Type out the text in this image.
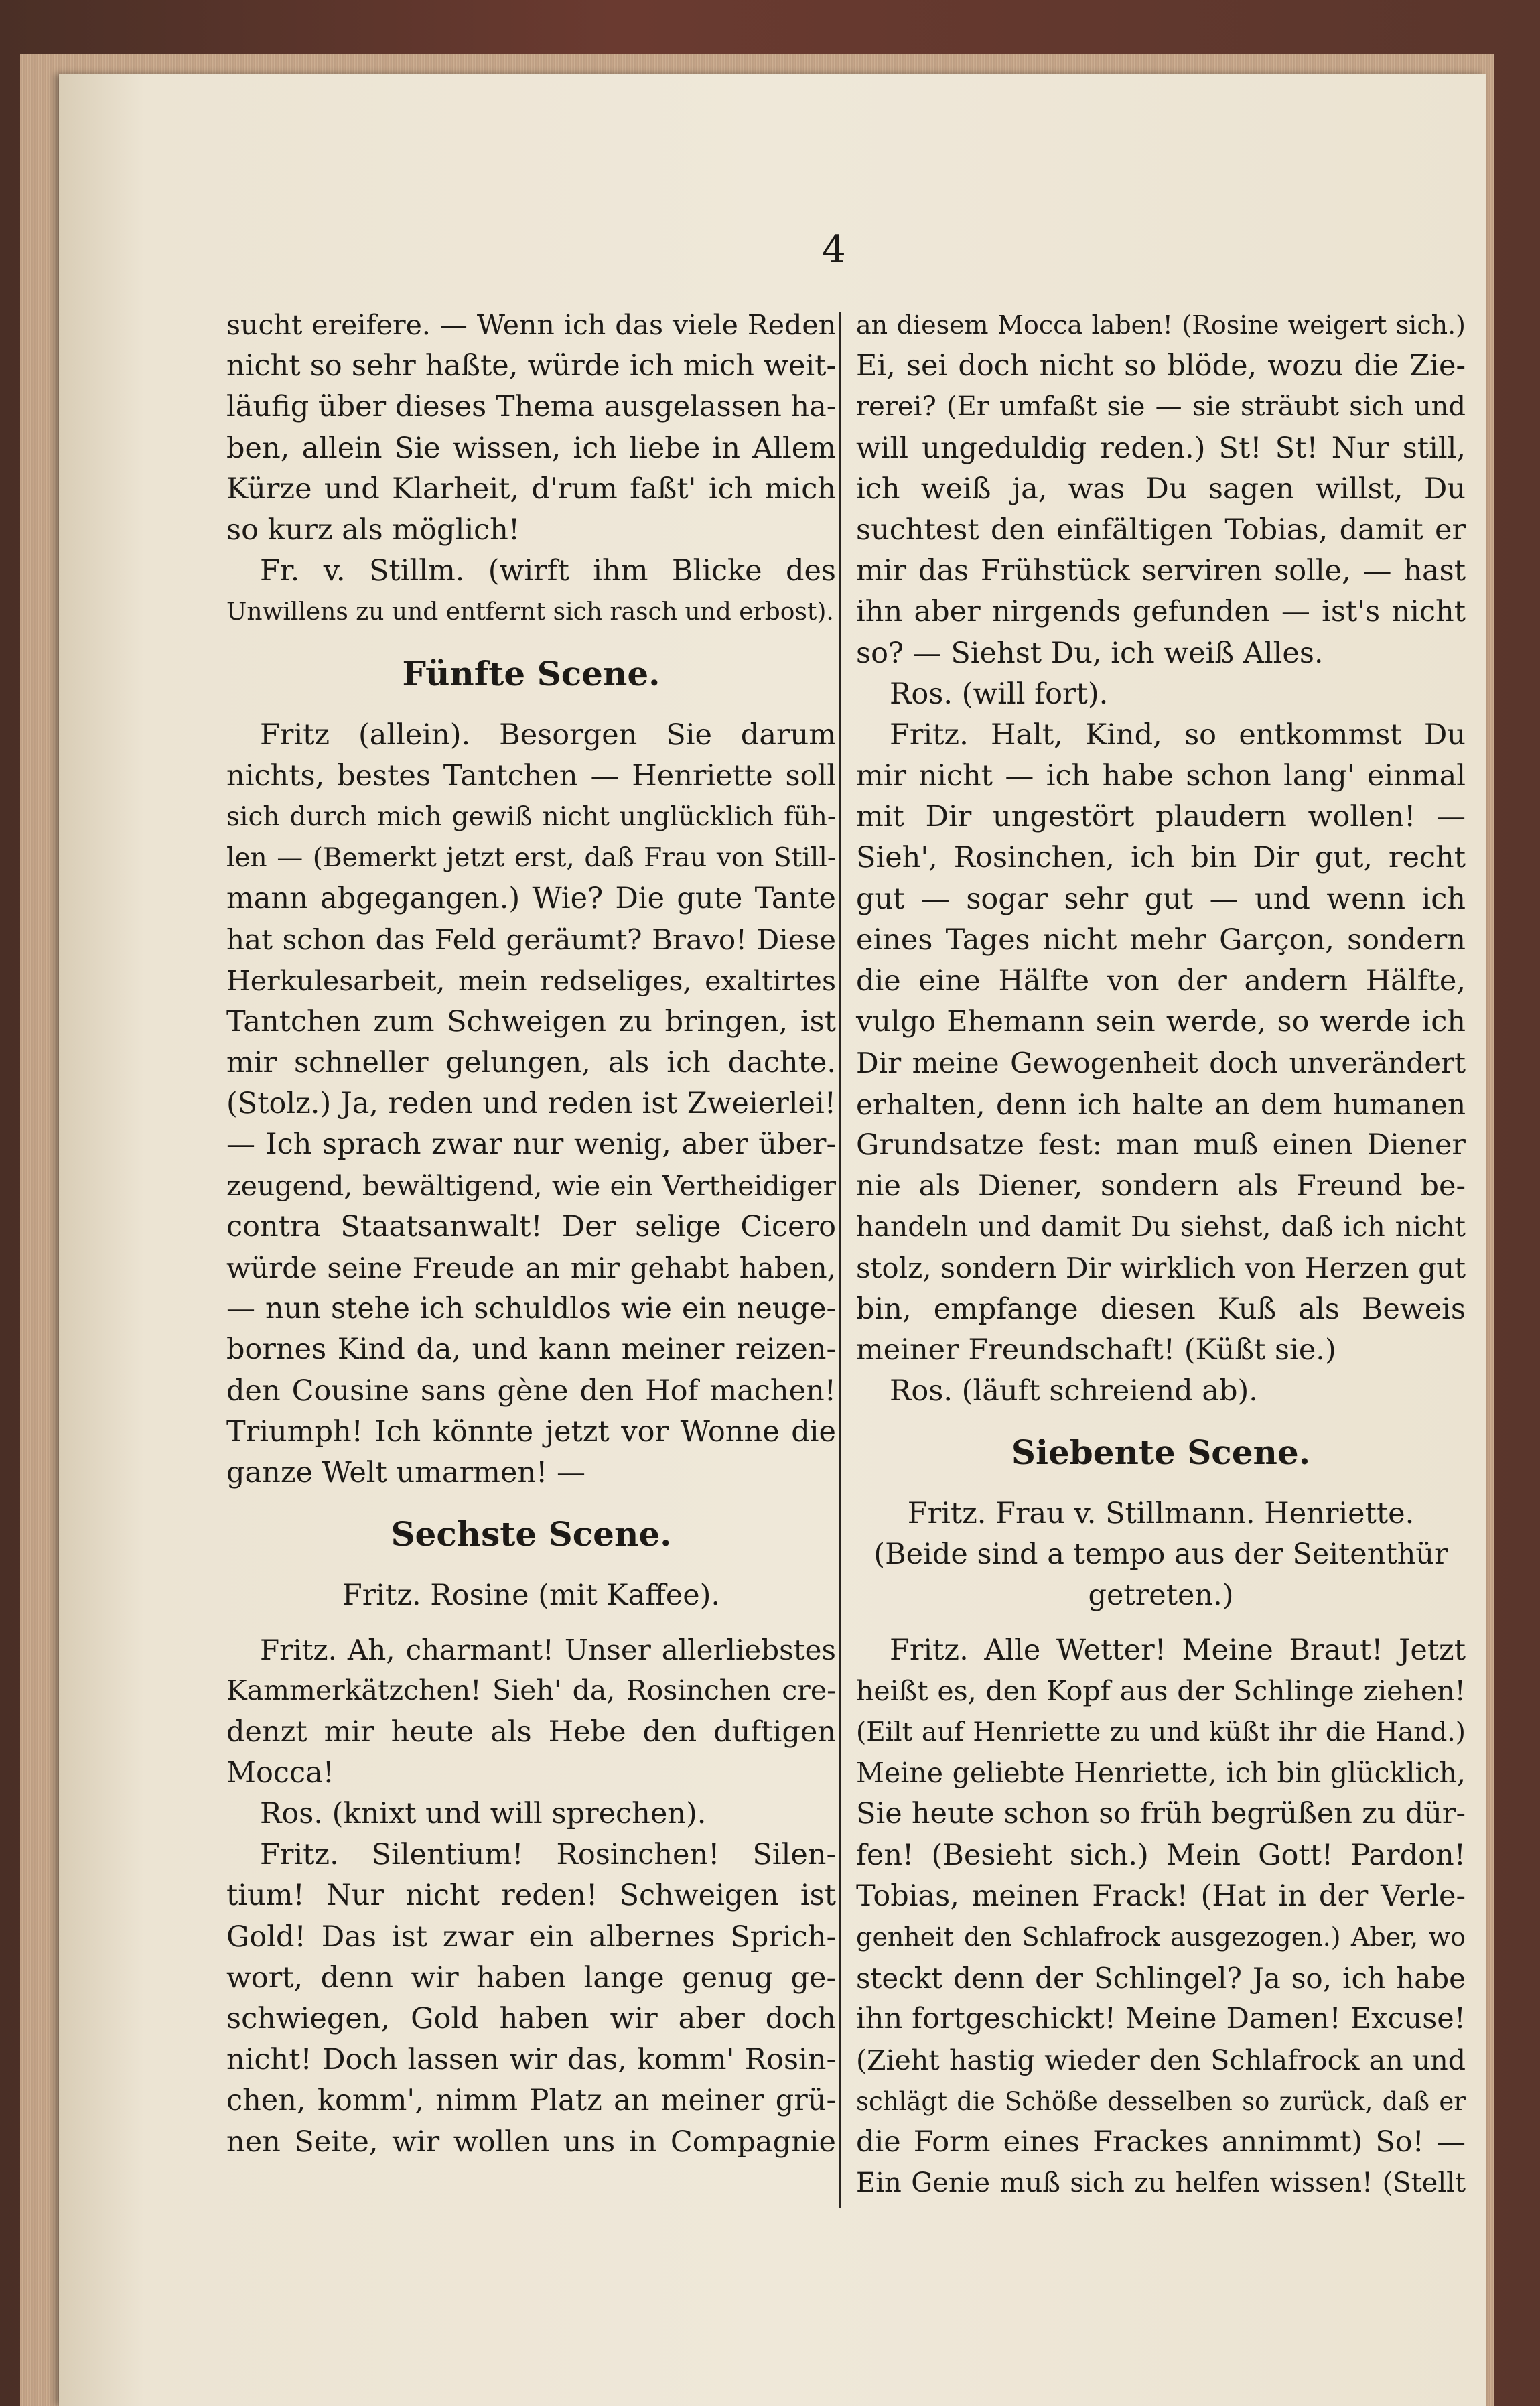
4
sucht ereifere. — Wenn ich das viele Reden
nicht so sehr haßte, würde ich mich weit-
läufig über dieses Thema ausgelassen ha-
ben, allein Sie wissen, ich liebe in Allem
Kürze und Klarheit, d'rum faßt' ich mich
so kurz als möglich!
Fr. v. Stillm. (wirft ihm Blicke des
Unwillens zu und entfernt sich rasch und erbost).
Fünfte Scene.
Fritz (allein). Besorgen Sie darum
nichts, bestes Tantchen — Henriette soll
sich durch mich gewiß nicht unglücklich füh-
len — (Bemerkt jetzt erst, daß Frau von Still-
mann abgegangen.) Wie? Die gute Tante
hat schon das Feld geräumt? Bravo! Diese
Herkulesarbeit, mein redseliges, exaltirtes
Tantchen zum Schweigen zu bringen, ist
mir schneller gelungen, als ich dachte.
(Stolz.) Ja, reden und reden ist Zweierlei!
— Ich sprach zwar nur wenig, aber über-
zeugend, bewältigend, wie ein Vertheidiger
contra Staatsanwalt! Der selige Cicero
würde seine Freude an mir gehabt haben,
— nun stehe ich schuldlos wie ein neuge-
bornes Kind da, und kann meiner reizen-
den Cousine sans gène den Hof machen!
Triumph! Ich könnte jetzt vor Wonne die
ganze Welt umarmen! —
Sechste Scene.
Fritz. Rosine (mit Kaffee).
Fritz. Ah, charmant! Unser allerliebstes
Kammerkätzchen! Sieh' da, Rosinchen cre-
denzt mir heute als Hebe den duftigen
Mocca!
Ros. (knixt und will sprechen).
Fritz. Silentium! Rosinchen! Silen-
tium! Nur nicht reden! Schweigen ist
Gold! Das ist zwar ein albernes Sprich-
wort, denn wir haben lange genug ge-
schwiegen, Gold haben wir aber doch
nicht! Doch lassen wir das, komm' Rosin-
chen, komm', nimm Platz an meiner grü-
nen Seite, wir wollen uns in Compagnie
an diesem Mocca laben! (Rosine weigert sich.)
Ei, sei doch nicht so blöde, wozu die Zie-
rerei? (Er umfaßt sie — sie sträubt sich und
will ungeduldig reden.) St! St! Nur still,
ich weiß ja, was Du sagen willst, Du
suchtest den einfältigen Tobias, damit er
mir das Frühstück serviren solle, — hast
ihn aber nirgends gefunden — ist's nicht
so? — Siehst Du, ich weiß Alles.
Ros. (will fort).
Fritz. Halt, Kind, so entkommst Du
mir nicht — ich habe schon lang' einmal
mit Dir ungestört plaudern wollen! —
Sieh', Rosinchen, ich bin Dir gut, recht
gut — sogar sehr gut — und wenn ich
eines Tages nicht mehr Garçon, sondern
die eine Hälfte von der andern Hälfte,
vulgo Ehemann sein werde, so werde ich
Dir meine Gewogenheit doch unverändert
erhalten, denn ich halte an dem humanen
Grundsatze fest: man muß einen Diener
nie als Diener, sondern als Freund be-
handeln und damit Du siehst, daß ich nicht
stolz, sondern Dir wirklich von Herzen gut
bin, empfange diesen Kuß als Beweis
meiner Freundschaft! (Küßt sie.)
Ros. (läuft schreiend ab).
Siebente Scene.
Fritz. Frau v. Stillmann. Henriette.
(Beide sind a tempo aus der Seitenthür
getreten.)
Fritz. Alle Wetter! Meine Braut! Jetzt
heißt es, den Kopf aus der Schlinge ziehen!
(Eilt auf Henriette zu und küßt ihr die Hand.)
Meine geliebte Henriette, ich bin glücklich,
Sie heute schon so früh begrüßen zu dür-
fen! (Besieht sich.) Mein Gott! Pardon!
Tobias, meinen Frack! (Hat in der Verle-
genheit den Schlafrock ausgezogen.) Aber, wo
steckt denn der Schlingel? Ja so, ich habe
ihn fortgeschickt! Meine Damen! Excuse!
(Zieht hastig wieder den Schlafrock an und
schlägt die Schöße desselben so zurück, daß er
die Form eines Frackes annimmt) So! —
Ein Genie muß sich zu helfen wissen! (Stellt
